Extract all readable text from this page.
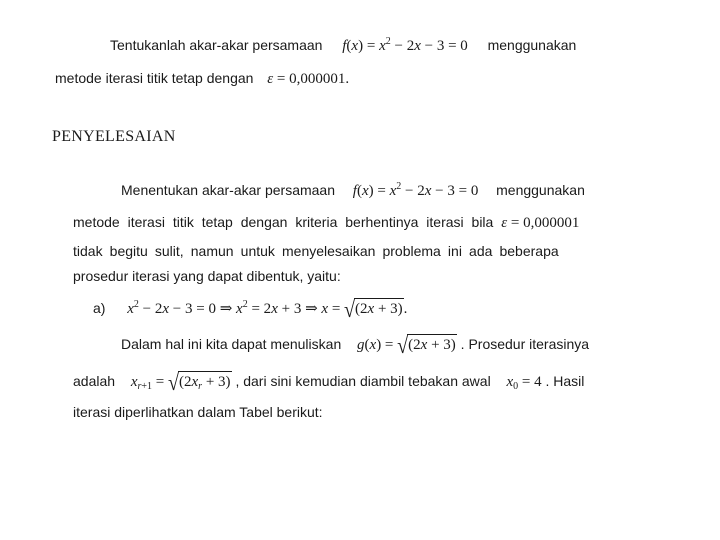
Tentukanlah akar-akar persamaan $f(x) = x^2 - 2x - 3 = 0$ menggunakan
metode iterasi titik tetap dengan ε = 0,000001.
PENYELESAIAN
Menentukan akar-akar persamaan $f(x) = x^2 - 2x - 3 = 0$ menggunakan
metode iterasi titik tetap dengan kriteria berhentinya iterasi bila ε = 0,000001
tidak begitu sulit, namun untuk menyelesaikan problema ini ada beberapa
prosedur iterasi yang dapat dibentuk, yaitu:
a) $x^2 - 2x - 3 = 0$ ⇒ $x^2 = 2x + 3$ ⇒ x = √(2x + 3).
Dalam hal ini kita dapat menuliskan g(x) = √(2x + 3) . Prosedur iterasinya
adalah $x_{r+1} = √(2x_r + 3)$ , dari sini kemudian diambil tebakan awal $x_0 = 4$ . Hasil
iterasi diperlihatkan dalam Tabel berikut:
